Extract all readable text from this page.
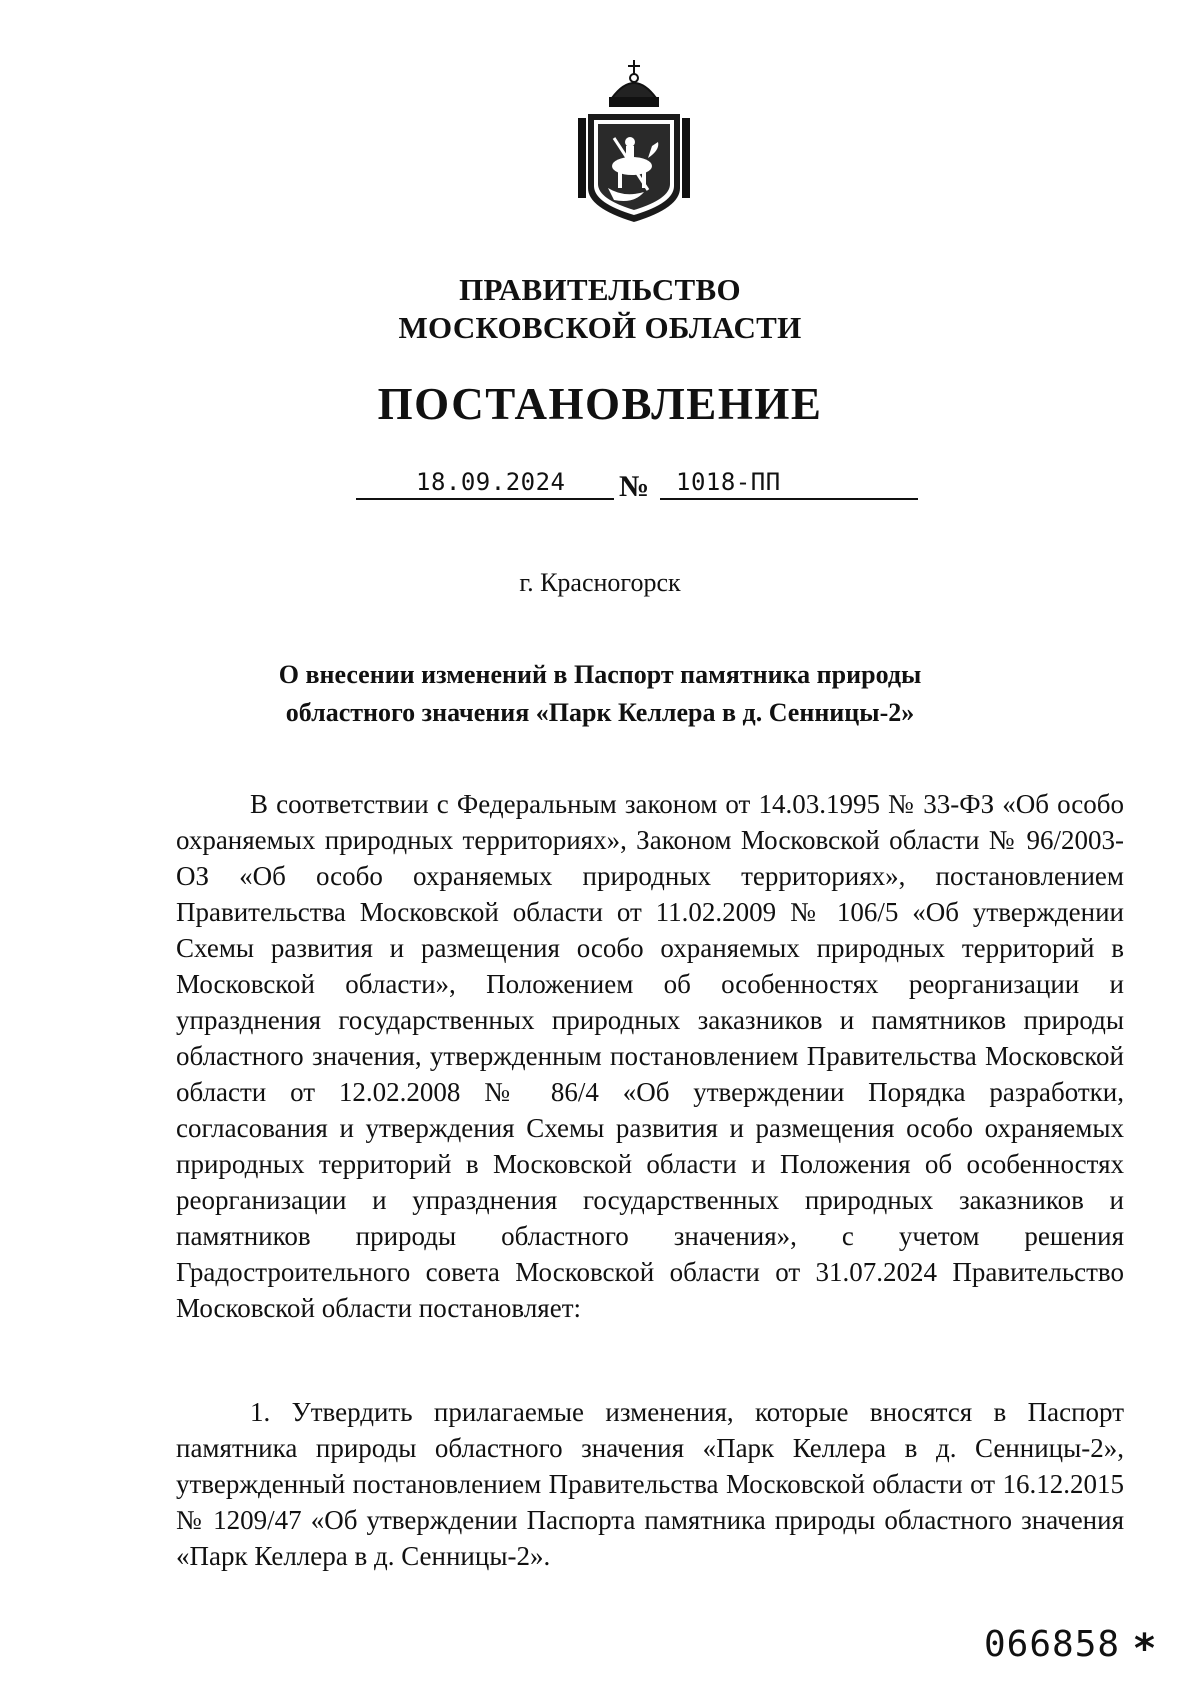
ПРАВИТЕЛЬСТВО
МОСКОВСКОЙ ОБЛАСТИ
ПОСТАНОВЛЕНИЕ
18.09.2024 № 1018-ПП
г. Красногорск
О внесении изменений в Паспорт памятника природы
областного значения «Парк Келлера в д. Сенницы-2»
В соответствии с Федеральным законом от 14.03.1995 № 33-ФЗ «Об особо охраняемых природных территориях», Законом Московской области № 96/2003-ОЗ «Об особо охраняемых природных территориях», постановлением Правительства Московской области от 11.02.2009 № 106/5 «Об утверждении Схемы развития и размещения особо охраняемых природных территорий в Московской области», Положением об особенностях реорганизации и упразднения государственных природных заказников и памятников природы областного значения, утвержденным постановлением Правительства Московской области от 12.02.2008 № 86/4 «Об утверждении Порядка разработки, согласования и утверждения Схемы развития и размещения особо охраняемых природных территорий в Московской области и Положения об особенностях реорганизации и упразднения государственных природных заказников и памятников природы областного значения», с учетом решения Градостроительного совета Московской области от 31.07.2024 Правительство Московской области постановляет:
1. Утвердить прилагаемые изменения, которые вносятся в Паспорт памятника природы областного значения «Парк Келлера в д. Сенницы-2», утвержденный постановлением Правительства Московской области от 16.12.2015 № 1209/47 «Об утверждении Паспорта памятника природы областного значения «Парк Келлера в д. Сенницы-2».
066858 *
